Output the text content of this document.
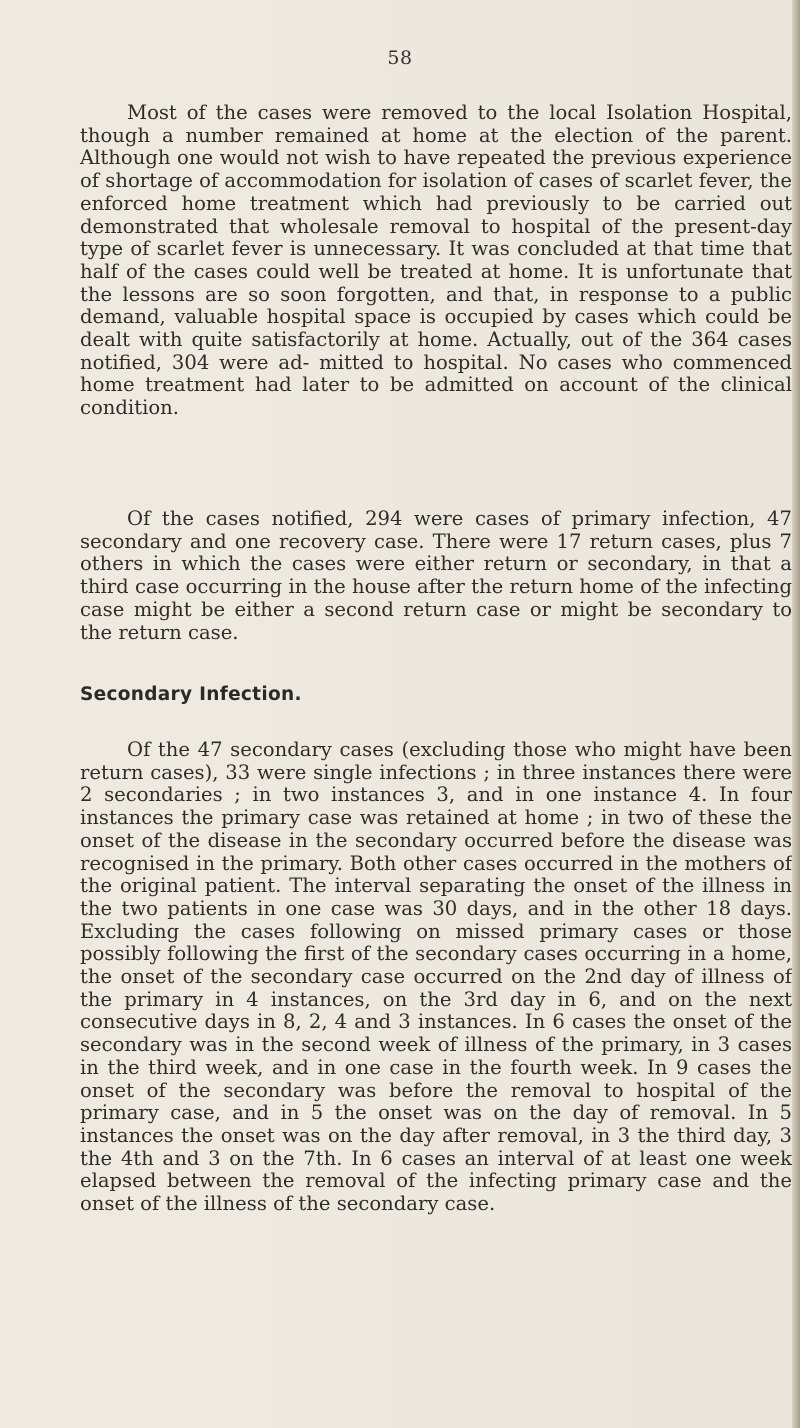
58

Most of the cases were removed to the local Isolation Hospital, though a number remained at home at the election of the parent. Although one would not wish to have repeated the previous experience of shortage of accommodation for isolation of cases of scarlet fever, the enforced home treatment which had previously to be carried out demonstrated that wholesale removal to hospital of the present-day type of scarlet fever is unnecessary. It was concluded at that time that half of the cases could well be treated at home. It is unfortunate that the lessons are so soon forgotten, and that, in response to a public demand, valuable hospital space is occupied by cases which could be dealt with quite satisfactorily at home. Actually, out of the 364 cases notified, 304 were ad- mitted to hospital. No cases who commenced home treatment had later to be admitted on account of the clinical condition.

Of the cases notified, 294 were cases of primary infection, 47 secondary and one recovery case. There were 17 return cases, plus 7 others in which the cases were either return or secondary, in that a third case occurring in the house after the return home of the infecting case might be either a second return case or might be secondary to the return case.

Secondary Infection.

Of the 47 secondary cases (excluding those who might have been return cases), 33 were single infections ; in three instances there were 2 secondaries ; in two instances 3, and in one instance 4. In four instances the primary case was retained at home ; in two of these the onset of the disease in the secondary occurred before the disease was recognised in the primary. Both other cases occurred in the mothers of the original patient. The interval separating the onset of the illness in the two patients in one case was 30 days, and in the other 18 days. Excluding the cases following on missed primary cases or those possibly following the first of the secondary cases occurring in a home, the onset of the secondary case occurred on the 2nd day of illness of the primary in 4 instances, on the 3rd day in 6, and on the next consecutive days in 8, 2, 4 and 3 instances. In 6 cases the onset of the secondary was in the second week of illness of the primary, in 3 cases in the third week, and in one case in the fourth week. In 9 cases the onset of the secondary was before the removal to hospital of the primary case, and in 5 the onset was on the day of removal. In 5 instances the onset was on the day after removal, in 3 the third day, 3 the 4th and 3 on the 7th. In 6 cases an interval of at least one week elapsed between the removal of the infecting primary case and the onset of the illness of the secondary case.
